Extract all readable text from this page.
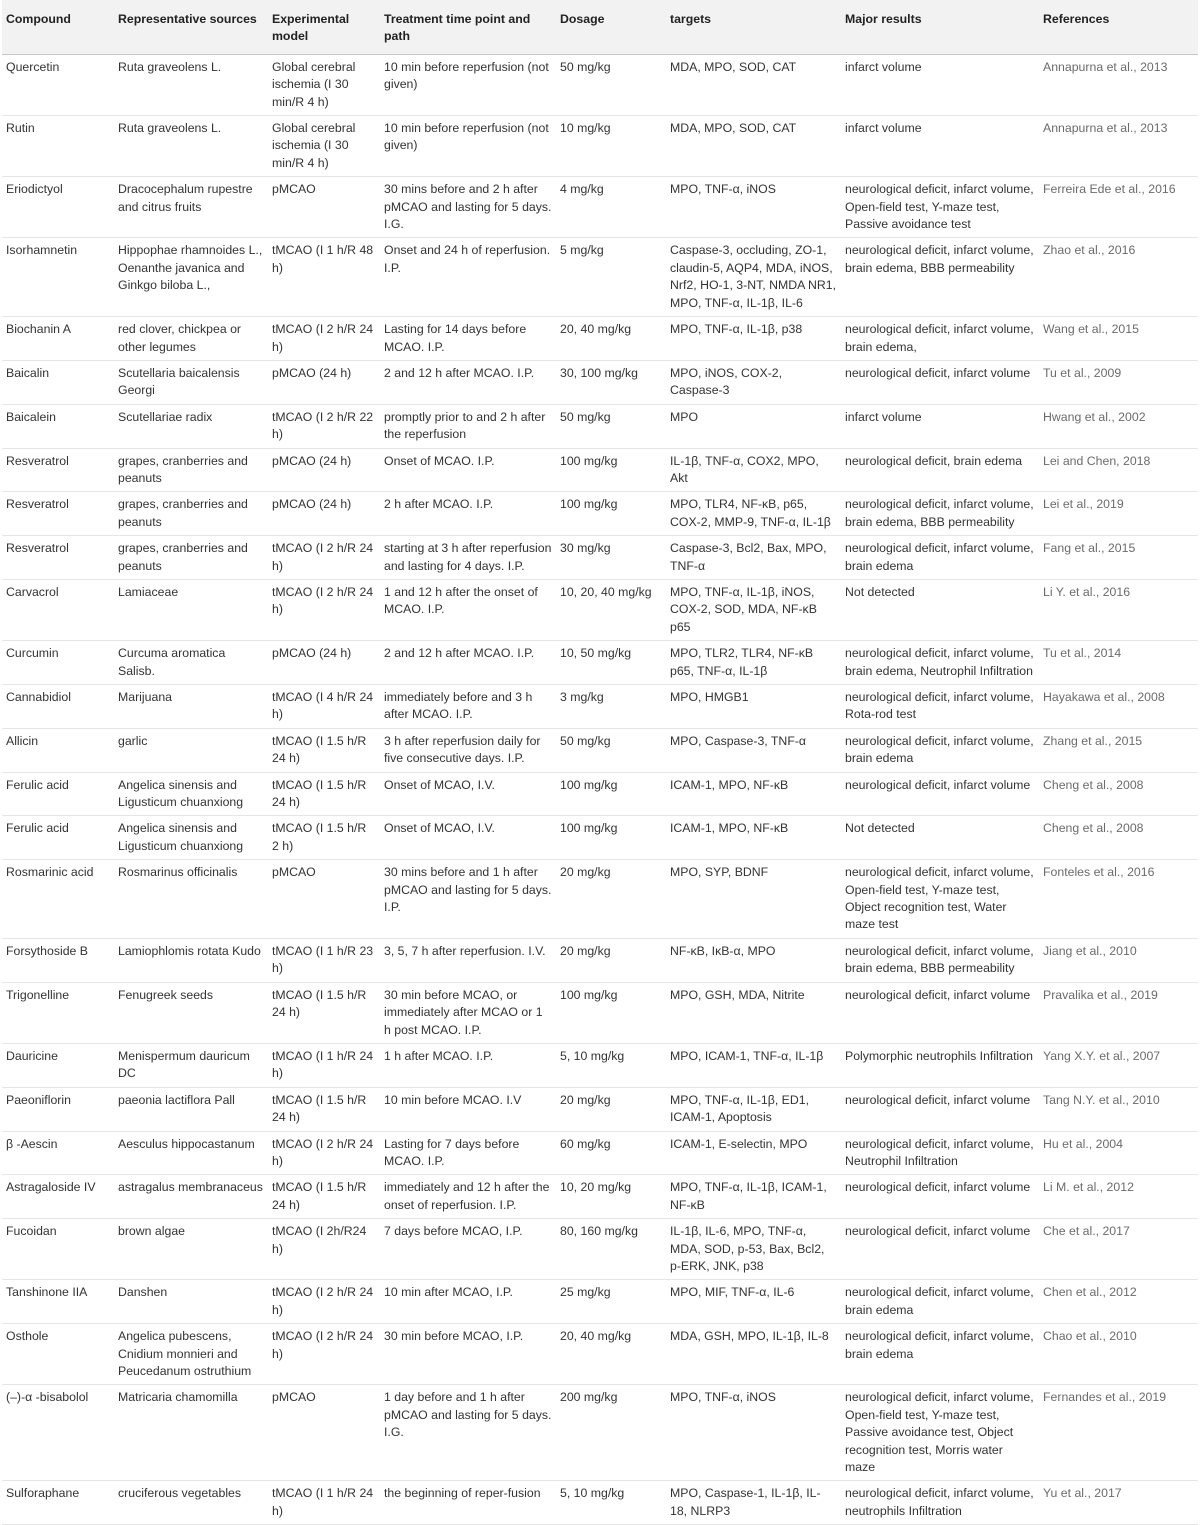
Compound	Representative sources	Experimental model	Treatment time point and path	Dosage	targets	Major results	References
Quercetin	Ruta graveolens L.	Global cerebral ischemia (I 30 min/R 4 h)	10 min before reperfusion (not given)	50 mg/kg	MDA, MPO, SOD, CAT	infarct volume	Annapurna et al., 2013
Rutin	Ruta graveolens L.	Global cerebral ischemia (I 30 min/R 4 h)	10 min before reperfusion (not given)	10 mg/kg	MDA, MPO, SOD, CAT	infarct volume	Annapurna et al., 2013
Eriodictyol	Dracocephalum rupestre and citrus fruits	pMCAO	30 mins before and 2 h after pMCAO and lasting for 5 days. I.G.	4 mg/kg	MPO, TNF-α, iNOS	neurological deficit, infarct volume, Open-field test, Y-maze test, Passive avoidance test	Ferreira Ede et al., 2016
Isorhamnetin	Hippophae rhamnoides L., Oenanthe javanica and Ginkgo biloba L.,	tMCAO (I 1 h/R 48 h)	Onset and 24 h of reperfusion. I.P.	5 mg/kg	Caspase-3, occluding, ZO-1, claudin-5, AQP4, MDA, iNOS, Nrf2, HO-1, 3-NT, NMDA NR1, MPO, TNF-α, IL-1β, IL-6	neurological deficit, infarct volume, brain edema, BBB permeability	Zhao et al., 2016
Biochanin A	red clover, chickpea or other legumes	tMCAO (I 2 h/R 24 h)	Lasting for 14 days before MCAO. I.P.	20, 40 mg/kg	MPO, TNF-α, IL-1β, p38	neurological deficit, infarct volume, brain edema,	Wang et al., 2015
Baicalin	Scutellaria baicalensis Georgi	pMCAO (24 h)	2 and 12 h after MCAO. I.P.	30, 100 mg/kg	MPO, iNOS, COX-2, Caspase-3	neurological deficit, infarct volume	Tu et al., 2009
Baicalein	Scutellariae radix	tMCAO (I 2 h/R 22 h)	promptly prior to and 2 h after the reperfusion	50 mg/kg	MPO	infarct volume	Hwang et al., 2002
Resveratrol	grapes, cranberries and peanuts	pMCAO (24 h)	Onset of MCAO. I.P.	100 mg/kg	IL-1β, TNF-α, COX2, MPO, Akt	neurological deficit, brain edema	Lei and Chen, 2018
Resveratrol	grapes, cranberries and peanuts	pMCAO (24 h)	2 h after MCAO. I.P.	100 mg/kg	MPO, TLR4, NF-κB, p65, COX-2, MMP-9, TNF-α, IL-1β	neurological deficit, infarct volume, brain edema, BBB permeability	Lei et al., 2019
Resveratrol	grapes, cranberries and peanuts	tMCAO (I 2 h/R 24 h)	starting at 3 h after reperfusion and lasting for 4 days. I.P.	30 mg/kg	Caspase-3, Bcl2, Bax, MPO, TNF-α	neurological deficit, infarct volume, brain edema	Fang et al., 2015
Carvacrol	Lamiaceae	tMCAO (I 2 h/R 24 h)	1 and 12 h after the onset of MCAO. I.P.	10, 20, 40 mg/kg	MPO, TNF-α, IL-1β, iNOS, COX-2, SOD, MDA, NF-κB p65	Not detected	Li Y. et al., 2016
Curcumin	Curcuma aromatica Salisb.	pMCAO (24 h)	2 and 12 h after MCAO. I.P.	10, 50 mg/kg	MPO, TLR2, TLR4, NF-κB p65, TNF-α, IL-1β	neurological deficit, infarct volume, brain edema, Neutrophil Infiltration	Tu et al., 2014
Cannabidiol	Marijuana	tMCAO (I 4 h/R 24 h)	immediately before and 3 h after MCAO. I.P.	3 mg/kg	MPO, HMGB1	neurological deficit, infarct volume, Rota-rod test	Hayakawa et al., 2008
Allicin	garlic	tMCAO (I 1.5 h/R 24 h)	3 h after reperfusion daily for five consecutive days. I.P.	50 mg/kg	MPO, Caspase-3, TNF-α	neurological deficit, infarct volume, brain edema	Zhang et al., 2015
Ferulic acid	Angelica sinensis and Ligusticum chuanxiong	tMCAO (I 1.5 h/R 24 h)	Onset of MCAO, I.V.	100 mg/kg	ICAM-1, MPO, NF-κB	neurological deficit, infarct volume	Cheng et al., 2008
Ferulic acid	Angelica sinensis and Ligusticum chuanxiong	tMCAO (I 1.5 h/R 2 h)	Onset of MCAO, I.V.	100 mg/kg	ICAM-1, MPO, NF-κB	Not detected	Cheng et al., 2008
Rosmarinic acid	Rosmarinus officinalis	pMCAO	30 mins before and 1 h after pMCAO and lasting for 5 days. I.P.	20 mg/kg	MPO, SYP, BDNF	neurological deficit, infarct volume, Open-field test, Y-maze test, Object recognition test, Water maze test	Fonteles et al., 2016
Forsythoside B	Lamiophlomis rotata Kudo	tMCAO (I 1 h/R 23 h)	3, 5, 7 h after reperfusion. I.V.	20 mg/kg	NF-κB, IκB-α, MPO	neurological deficit, infarct volume, brain edema, BBB permeability	Jiang et al., 2010
Trigonelline	Fenugreek seeds	tMCAO (I 1.5 h/R 24 h)	30 min before MCAO, or immediately after MCAO or 1 h post MCAO. I.P.	100 mg/kg	MPO, GSH, MDA, Nitrite	neurological deficit, infarct volume	Pravalika et al., 2019
Dauricine	Menispermum dauricum DC	tMCAO (I 1 h/R 24 h)	1 h after MCAO. I.P.	5, 10 mg/kg	MPO, ICAM-1, TNF-α, IL-1β	Polymorphic neutrophils Infiltration	Yang X.Y. et al., 2007
Paeoniflorin	paeonia lactiflora Pall	tMCAO (I 1.5 h/R 24 h)	10 min before MCAO. I.V	20 mg/kg	MPO, TNF-α, IL-1β, ED1, ICAM-1, Apoptosis	neurological deficit, infarct volume	Tang N.Y. et al., 2010
β -Aescin	Aesculus hippocastanum	tMCAO (I 2 h/R 24 h)	Lasting for 7 days before MCAO. I.P.	60 mg/kg	ICAM-1, E-selectin, MPO	neurological deficit, infarct volume, Neutrophil Infiltration	Hu et al., 2004
Astragaloside IV	astragalus membranaceus	tMCAO (I 1.5 h/R 24 h)	immediately and 12 h after the onset of reperfusion. I.P.	10, 20 mg/kg	MPO, TNF-α, IL-1β, ICAM-1, NF-κB	neurological deficit, infarct volume	Li M. et al., 2012
Fucoidan	brown algae	tMCAO (I 2h/R24 h)	7 days before MCAO, I.P.	80, 160 mg/kg	IL-1β, IL-6, MPO, TNF-α, MDA, SOD, p-53, Bax, Bcl2, p-ERK, JNK, p38	neurological deficit, infarct volume	Che et al., 2017
Tanshinone IIA	Danshen	tMCAO (I 2 h/R 24 h)	10 min after MCAO, I.P.	25 mg/kg	MPO, MIF, TNF-α, IL-6	neurological deficit, infarct volume, brain edema	Chen et al., 2012
Osthole	Angelica pubescens, Cnidium monnieri and Peucedanum ostruthium	tMCAO (I 2 h/R 24 h)	30 min before MCAO, I.P.	20, 40 mg/kg	MDA, GSH, MPO, IL-1β, IL-8	neurological deficit, infarct volume, brain edema	Chao et al., 2010
(–)-α -bisabolol	Matricaria chamomilla	pMCAO	1 day before and 1 h after pMCAO and lasting for 5 days. I.G.	200 mg/kg	MPO, TNF-α, iNOS	neurological deficit, infarct volume, Open-field test, Y-maze test, Passive avoidance test, Object recognition test, Morris water maze	Fernandes et al., 2019
Sulforaphane	cruciferous vegetables	tMCAO (I 1 h/R 24 h)	the beginning of reper-fusion	5, 10 mg/kg	MPO, Caspase-1, IL-1β, IL-18, NLRP3	neurological deficit, infarct volume, neutrophils Infiltration	Yu et al., 2017
